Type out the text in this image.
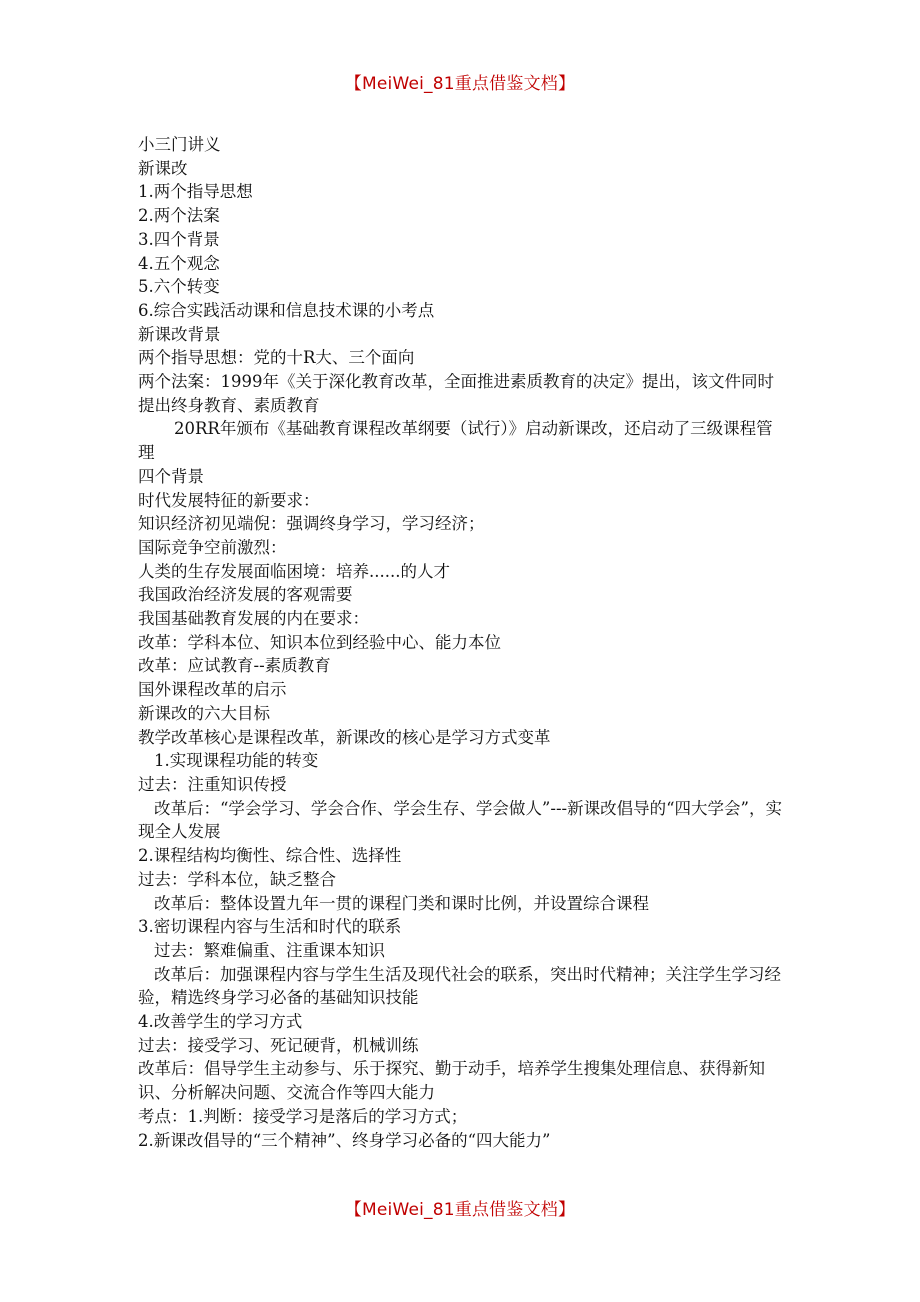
【MeiWei_81重点借鉴文档】

小三门讲义

新课改

1.两个指导思想

2.两个法案

3.四个背景

4.五个观念

5.六个转变

6.综合实践活动课和信息技术课的小考点

新课改背景

两个指导思想：党的十R大、三个面向

两个法案：1999年《关于深化教育改革，全面推进素质教育的决定》提出，该文件同时提出终身教育、素质教育

20RR年颁布《基础教育课程改革纲要（试行）》启动新课改，还启动了三级课程管理

四个背景

时代发展特征的新要求：

知识经济初见端倪：强调终身学习，学习经济；

国际竞争空前激烈：

人类的生存发展面临困境：培养......的人才

我国政治经济发展的客观需要

我国基础教育发展的内在要求：

改革：学科本位、知识本位到经验中心、能力本位

改革：应试教育--素质教育

国外课程改革的启示

新课改的六大目标

教学改革核心是课程改革，新课改的核心是学习方式变革

1.实现课程功能的转变

过去：注重知识传授

改革后：“学会学习、学会合作、学会生存、学会做人”---新课改倡导的“四大学会”，实现全人发展

2.课程结构均衡性、综合性、选择性

过去：学科本位，缺乏整合

改革后：整体设置九年一贯的课程门类和课时比例，并设置综合课程

3.密切课程内容与生活和时代的联系

过去：繁难偏重、注重课本知识

改革后：加强课程内容与学生生活及现代社会的联系，突出时代精神；关注学生学习经验，精选终身学习必备的基础知识技能

4.改善学生的学习方式

过去：接受学习、死记硬背，机械训练

改革后：倡导学生主动参与、乐于探究、勤于动手，培养学生搜集处理信息、获得新知识、分析解决问题、交流合作等四大能力

考点：1.判断：接受学习是落后的学习方式；

2.新课改倡导的“三个精神”、终身学习必备的“四大能力”

【MeiWei_81重点借鉴文档】
